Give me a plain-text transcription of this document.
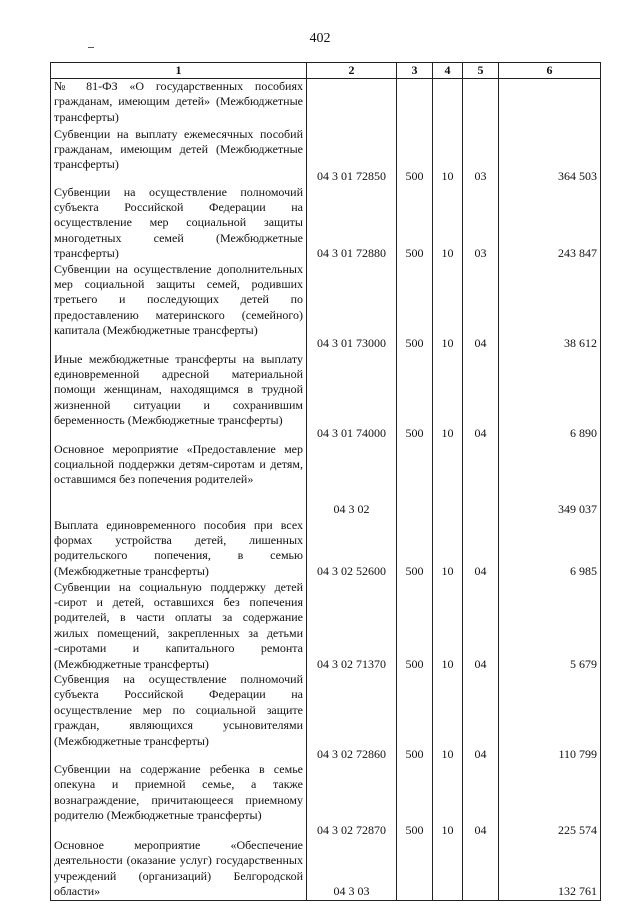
402
1	2	3	4	5	6
№ 81-ФЗ «О государственных пособиях гражданам, имеющим детей» (Межбюджетные трансферты)					
Субвенции на выплату ежемесячных пособий гражданам, имеющим детей (Межбюджетные трансферты)	04 3 01 72850	500	10	03	364 503
Субвенции на осуществление полномочий субъекта Российской Федерации на осуществление мер социальной защиты многодетных семей (Межбюджетные трансферты)	04 3 01 72880	500	10	03	243 847
Субвенции на осуществление дополнительных мер социальной защиты семей, родивших третьего и последующих детей по предоставлению материнского (семейного) капитала (Межбюджетные трансферты)	04 3 01 73000	500	10	04	38 612
Иные межбюджетные трансферты на выплату единовременной адресной материальной помощи женщинам, находящимся в трудной жизненной ситуации и сохранившим беременность (Межбюджетные трансферты)	04 3 01 74000	500	10	04	6 890
Основное мероприятие «Предоставление мер социальной поддержки детям-сиротам и детям, оставшимся без попечения родителей»	04 3 02				349 037
Выплата единовременного пособия при всех формах устройства детей, лишенных родительского попечения, в семью (Межбюджетные трансферты)	04 3 02 52600	500	10	04	6 985
Субвенции на социальную поддержку детей -сирот и детей, оставшихся без попечения родителей, в части оплаты за содержание жилых помещений, закрепленных за детьми -сиротами и капитального ремонта (Межбюджетные трансферты)	04 3 02 71370	500	10	04	5 679
Субвенция на осуществление полномочий субъекта Российской Федерации на осуществление мер по социальной защите граждан, являющихся усыновителями (Межбюджетные трансферты)	04 3 02 72860	500	10	04	110 799
Субвенции на содержание ребенка в семье опекуна и приемной семье, а также вознаграждение, причитающееся приемному родителю (Межбюджетные трансферты)	04 3 02 72870	500	10	04	225 574
Основное мероприятие «Обеспечение деятельности (оказание услуг) государственных учреждений (организаций) Белгородской области»	04 3 03				132 761
